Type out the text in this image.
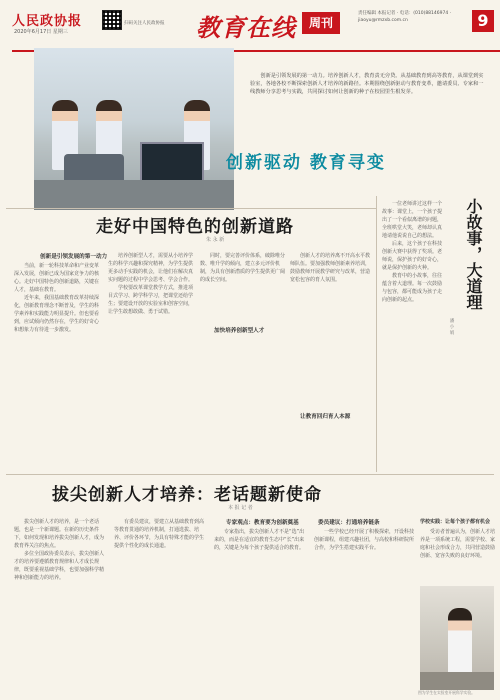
人民政协报
2020年6月17日 星期三
扫码关注人民政协报	教育在线	周刊
责任编辑 本报记者 · 电话：(010)88146974 · jiaoyu@rmzxb.com.cn	9
创新是引领发展的第一动力。培养创新人才，教育责无旁贷。从基础教育到高等教育，从课堂到实验室，各地各校不断探索创新人才培养的新路径。本期围绕创新驱动与教育变革，邀请委员、专家和一线教师分享思考与实践，共同探讨如何让创新的种子在校园里生根发芽。
创新驱动 教育寻变
走好中国特色的创新道路
朱 永 新
创新是引领发展的第一动力

当前，新一轮科技革命和产业变革深入发展，创新已成为国家竞争力的核心。走好中国特色的创新道路，关键在人才，基础在教育。

近年来，我国基础教育改革持续深化，创新教育理念不断普及，学生的科学素养和实践能力明显提升。但也要看到，应试倾向仍然存在，学生的好奇心和想象力有待进一步激发。

培养创新型人才，需要从小培养学生的科学兴趣和探究精神，为学生提供更多动手实践的机会，让他们在解决真实问题的过程中学会思考、学会合作。

学校要改革课堂教学方式，推进项目式学习、跨学科学习，把课堂还给学生；要建设开放的实验室和创客空间，让学生敢想敢做、勇于试错。

加快培养创新型人才

同时，要完善评价体系，破除唯分数、唯升学的倾向，建立多元评价机制，为具有创新潜质的学生提供更广阔的成长空间。

让教育回归育人本源

创新人才的培养离不开高水平教师队伍。要加强教师创新素养培训，鼓励教师开展教学研究与改革，营造宽松包容的育人氛围。	小故事，大道理
潘 小 娟

一位老师讲过这样一个故事：课堂上，一个孩子提出了一个看似离谱的问题，全班哄堂大笑，老师却认真地请他说说自己的想法。

后来，这个孩子在科技创新大赛中获得了奖项。老师说，保护孩子的好奇心，就是保护创新的火种。

教育中的小故事，往往蕴含着大道理。每一次鼓励与包容，都可能成为孩子走向创新的起点。

拔尖创新人才培养：老话题新使命
本 报 记 者

拔尖创新人才的培养，是一个老话题，也是一个新课题。在新的历史条件下，如何发现和培养拔尖创新人才，成为教育界关注的焦点。

多位全国政协委员表示，拔尖创新人才的培养要遵循教育规律和人才成长规律，既要重视基础学科，也要加强科学精神和创新能力的培养。

有委员建议，要建立从基础教育到高等教育贯通的培养机制，打通选拔、培养、评价各环节，为具有特殊才能的学生提供个性化的成长通道。

专家观点：教育要为创新奠基

专家指出，拔尖创新人才不是“选”出来的，而是在适宜的教育生态中“长”出来的，关键是为每个孩子提供适合的教育。

委员建议：打通培养链条

一些学校已经开展了积极探索，开设科技创新课程，组建兴趣社团，与高校和科研院所合作，为学生搭建实践平台。

学校实践：让每个孩子都有机会

受访者普遍认为，创新人才培养是一项系统工程，需要学校、家庭和社会形成合力，共同营造鼓励创新、宽容失败的良好环境。

图为学生在实验室开展科学实验。
